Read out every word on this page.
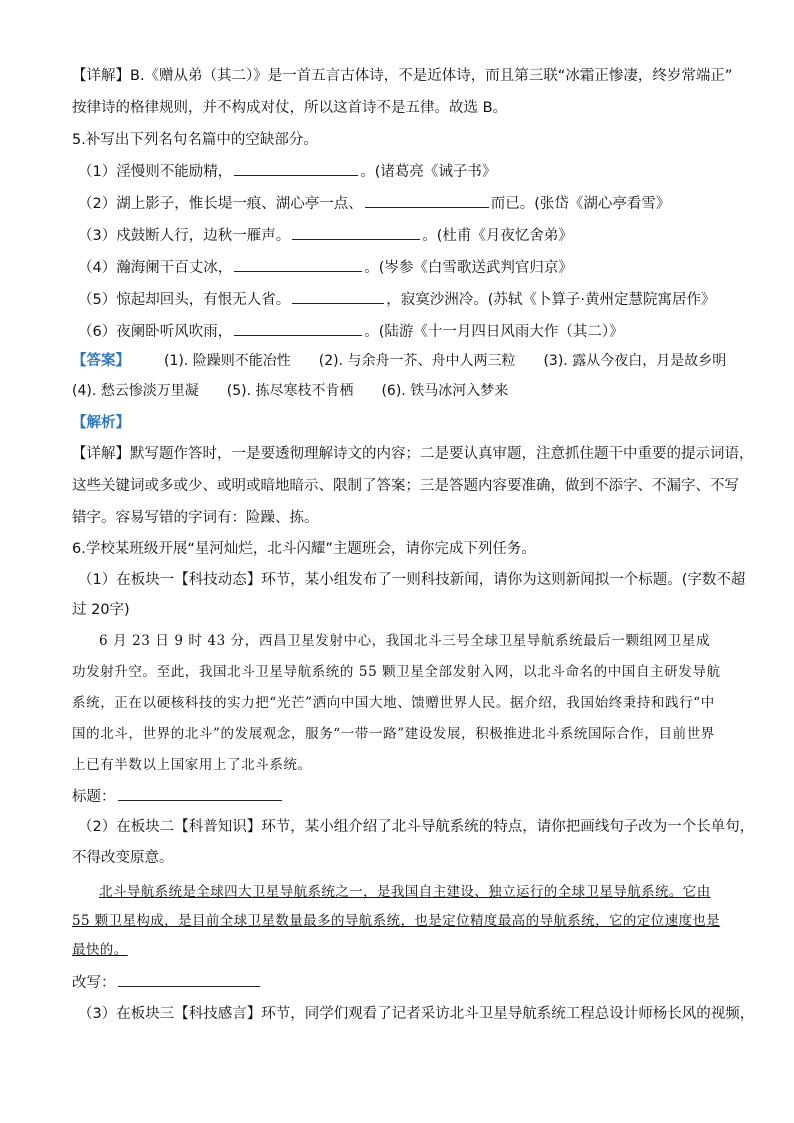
【详解】B.《赠从弟（其二）》是一首五言古体诗，不是近体诗，而且第三联“冰霜正惨凄，终岁常端正”
按律诗的格律规则，并不构成对仗，所以这首诗不是五律。故选 B。
5.补写出下列名句名篇中的空缺部分。
（1）淫慢则不能励精，	。(诸葛亮《诫子书》
（2）湖上影子，惟长堤一痕、湖心亭一点、	而已。(张岱《湖心亭看雪》
（3）戍鼓断人行，边秋一雁声。	。(杜甫《月夜忆舍弟》
（4）瀚海阑干百丈冰，	。(岑参《白雪歌送武判官归京》
（5）惊起却回头，有恨无人省。	，寂寞沙洲冷。(苏轼《卜算子·黄州定慧院寓居作》
（6）夜阑卧听风吹雨，	。(陆游《十一月四日风雨大作（其二）》
【答案】 (1). 险躁则不能冶性 (2). 与余舟一芥、舟中人两三粒 (3). 露从今夜白，月是故乡明
(4). 愁云惨淡万里凝 (5). 拣尽寒枝不肯栖 (6). 铁马冰河入梦来
【解析】
【详解】默写题作答时，一是要透彻理解诗文的内容；二是要认真审题，注意抓住题干中重要的提示词语，
这些关键词或多或少、或明或暗地暗示、限制了答案；三是答题内容要准确，做到不添字、不漏字、不写
错字。容易写错的字词有：险躁、拣。
6.学校某班级开展“星河灿烂，北斗闪耀”主题班会，请你完成下列任务。
（1）在板块一【科技动态】环节，某小组发布了一则科技新闻，请你为这则新闻拟一个标题。(字数不超
过 20字)
6 月 23 日 9 时 43 分，西昌卫星发射中心，我国北斗三号全球卫星导航系统最后一颗组网卫星成功发射升空。至此，我国北斗卫星导航系统的 55 颗卫星全部发射入网，以北斗命名的中国自主研发导航系统，正在以硬核科技的实力把“光芒”洒向中国大地、馈赠世界人民。据介绍，我国始终秉持和践行“中国的北斗，世界的北斗”的发展观念，服务“一带一路”建设发展，积极推进北斗系统国际合作，目前世界上已有半数以上国家用上了北斗系统。
标题：
（2）在板块二【科普知识】环节，某小组介绍了北斗导航系统的特点，请你把画线句子改为一个长单句，
不得改变原意。
北斗导航系统是全球四大卫星导航系统之一，是我国自主建设、独立运行的全球卫星导航系统。它由 55 颗卫星构成，是目前全球卫星数量最多的导航系统，也是定位精度最高的导航系统，它的定位速度也是最快的。
改写：
（3）在板块三【科技感言】环节，同学们观看了记者采访北斗卫星导航系统工程总设计师杨长风的视频，
